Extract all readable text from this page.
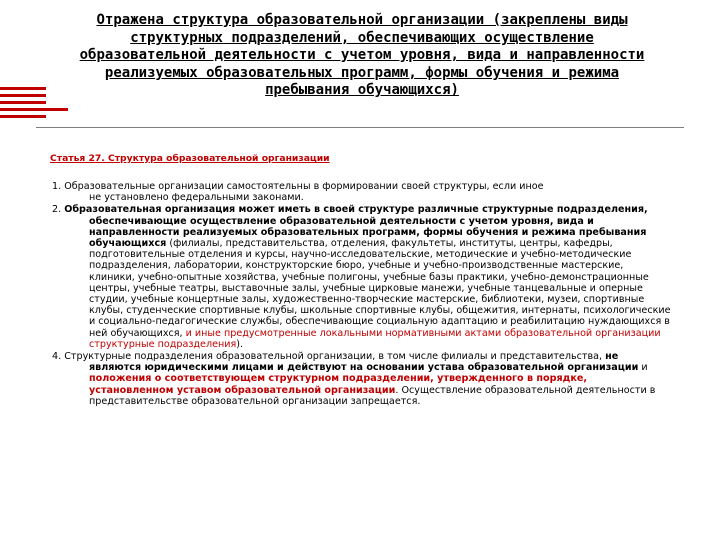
Отражена структура образовательной организации (закреплены виды структурных подразделений, обеспечивающих осуществление образовательной деятельности с учетом уровня, вида и направленности реализуемых образовательных программ, формы обучения и режима пребывания обучающихся)
Статья 27. Структура образовательной организации
1. Образовательные организации самостоятельны в формировании своей структуры, если иное
не установлено федеральными законами.
2. Образовательная организация может иметь в своей структуре различные структурные подразделения, обеспечивающие осуществление образовательной деятельности с учетом уровня, вида и направленности реализуемых образовательных программ, формы обучения и режима пребывания обучающихся (филиалы, представительства, отделения, факультеты, институты, центры, кафедры, подготовительные отделения и курсы, научно-исследовательские, методические и учебно-методические подразделения, лаборатории, конструкторские бюро, учебные и учебно-производственные мастерские, клиники, учебно-опытные хозяйства, учебные полигоны, учебные базы практики, учебно-демонстрационные центры, учебные театры, выставочные залы, учебные цирковые манежи, учебные танцевальные и оперные студии, учебные концертные залы, художественно-творческие мастерские, библиотеки, музеи, спортивные клубы, студенческие спортивные клубы, школьные спортивные клубы, общежития, интернаты, психологические и социально-педагогические службы, обеспечивающие социальную адаптацию и реабилитацию нуждающихся в ней обучающихся, и иные предусмотренные локальными нормативными актами образовательной организации структурные подразделения).
4. Структурные подразделения образовательной организации, в том числе филиалы и представительства, не являются юридическими лицами и действуют на основании устава образовательной организации и положения о соответствующем структурном подразделении, утвержденного в порядке, установленном уставом образовательной организации. Осуществление образовательной деятельности в представительстве образовательной организации запрещается.
